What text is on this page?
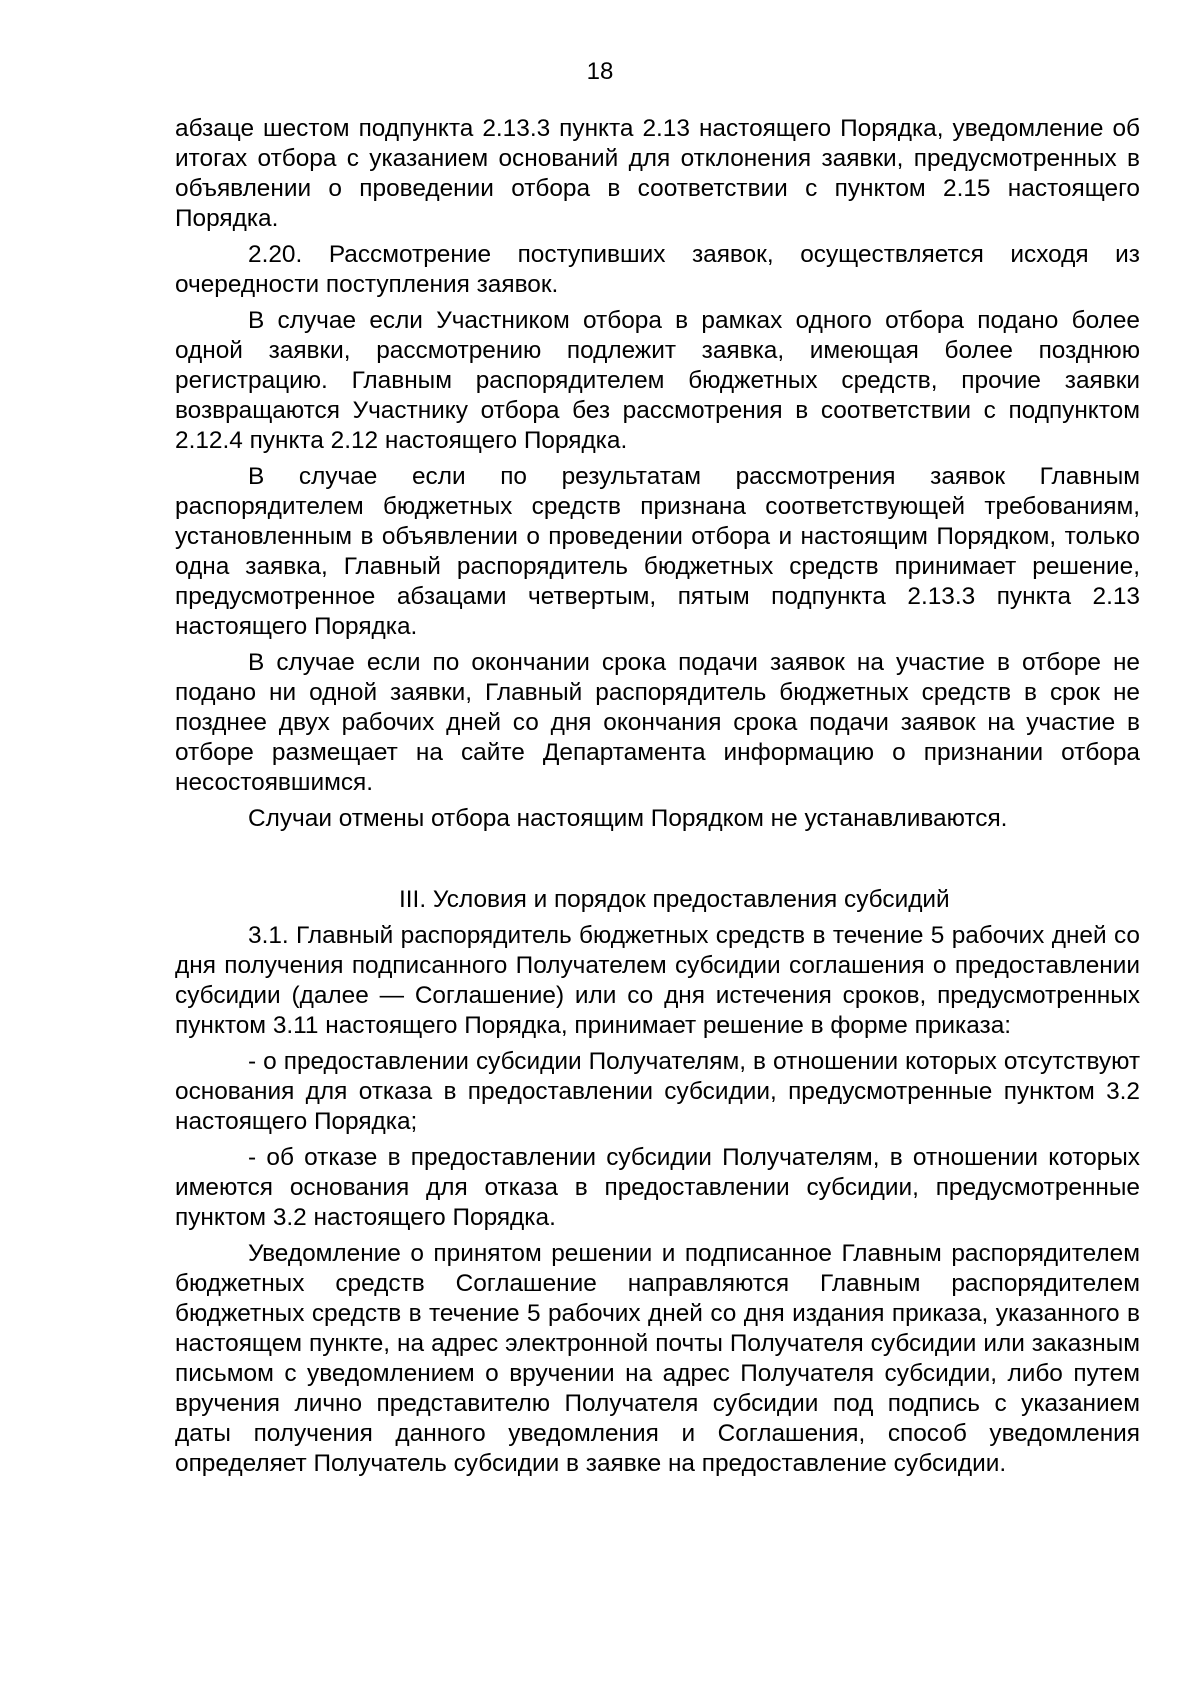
18

абзаце шестом подпункта 2.13.3 пункта 2.13 настоящего Порядка, уведомление об итогах отбора с указанием оснований для отклонения заявки, предусмотренных в объявлении о проведении отбора в соответствии с пунктом 2.15 настоящего Порядка.

2.20. Рассмотрение поступивших заявок, осуществляется исходя из очередности поступления заявок.

В случае если Участником отбора в рамках одного отбора подано более одной заявки, рассмотрению подлежит заявка, имеющая более позднюю регистрацию. Главным распорядителем бюджетных средств, прочие заявки возвращаются Участнику отбора без рассмотрения в соответствии с подпунктом 2.12.4 пункта 2.12 настоящего Порядка.

В случае если по результатам рассмотрения заявок Главным распорядителем бюджетных средств признана соответствующей требованиям, установленным в объявлении о проведении отбора и настоящим Порядком, только одна заявка, Главный распорядитель бюджетных средств принимает решение, предусмотренное абзацами четвертым, пятым подпункта 2.13.3 пункта 2.13 настоящего Порядка.

В случае если по окончании срока подачи заявок на участие в отборе не подано ни одной заявки, Главный распорядитель бюджетных средств в срок не позднее двух рабочих дней со дня окончания срока подачи заявок на участие в отборе размещает на сайте Департамента информацию о признании отбора несостоявшимся.

Случаи отмены отбора настоящим Порядком не устанавливаются.

III. Условия и порядок предоставления субсидий

3.1. Главный распорядитель бюджетных средств в течение 5 рабочих дней со дня получения подписанного Получателем субсидии соглашения о предоставлении субсидии (далее — Соглашение) или со дня истечения сроков, предусмотренных пунктом 3.11 настоящего Порядка, принимает решение в форме приказа:

- о предоставлении субсидии Получателям, в отношении которых отсутствуют основания для отказа в предоставлении субсидии, предусмотренные пунктом 3.2 настоящего Порядка;

- об отказе в предоставлении субсидии Получателям, в отношении которых имеются основания для отказа в предоставлении субсидии, предусмотренные пунктом 3.2 настоящего Порядка.

Уведомление о принятом решении и подписанное Главным распорядителем бюджетных средств Соглашение направляются Главным распорядителем бюджетных средств в течение 5 рабочих дней со дня издания приказа, указанного в настоящем пункте, на адрес электронной почты Получателя субсидии или заказным письмом с уведомлением о вручении на адрес Получателя субсидии, либо путем вручения лично представителю Получателя субсидии под подпись с указанием даты получения данного уведомления и Соглашения, способ уведомления определяет Получатель субсидии в заявке на предоставление субсидии.
